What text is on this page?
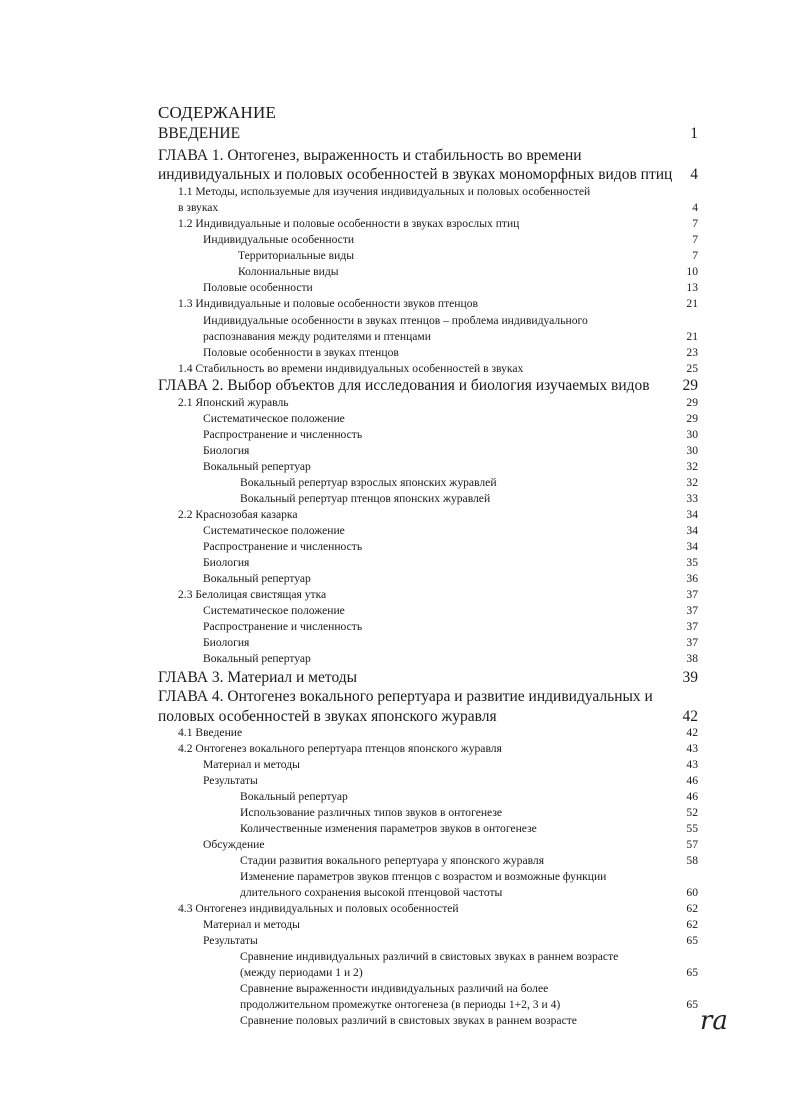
СОДЕРЖАНИЕ
ВВЕДЕНИЕ	1
ГЛАВА 1. Онтогенез, выраженность и стабильность во времени
индивидуальных и половых особенностей в звуках мономорфных видов птиц 4
1.1 Методы, используемые для изучения индивидуальных и половых особенностей
в звуках	4
1.2 Индивидуальные и половые особенности в звуках взрослых птиц	7
Индивидуальные особенности	7
Территориальные виды	7
Колониальные виды	10
Половые особенности	13
1.3 Индивидуальные и половые особенности звуков птенцов	21
Индивидуальные особенности в звуках птенцов – проблема индивидуального
распознавания между родителями и птенцами	21
Половые особенности в звуках птенцов	23
1.4 Стабильность во времени индивидуальных особенностей в звуках	25
ГЛАВА 2. Выбор объектов для исследования и биология изучаемых видов 29
2.1 Японский журавль	29
Систематическое положение	29
Распространение и численность	30
Биология	30
Вокальный репертуар	32
Вокальный репертуар взрослых японских журавлей	32
Вокальный репертуар птенцов японских журавлей	33
2.2 Краснозобая казарка	34
Систематическое положение	34
Распространение и численность	34
Биология	35
Вокальный репертуар	36
2.3 Белолицая свистящая утка	37
Систематическое положение	37
Распространение и численность	37
Биология	37
Вокальный репертуар	38
ГЛАВА 3. Материал и методы	39
ГЛАВА 4. Онтогенез вокального репертуара и развитие индивидуальных и
половых особенностей в звуках японского журавля	42
4.1 Введение	42
4.2 Онтогенез вокального репертуара птенцов японского журавля	43
Материал и методы	43
Результаты	46
Вокальный репертуар	46
Использование различных типов звуков в онтогенезе	52
Количественные изменения параметров звуков в онтогенезе	55
Обсуждение	57
Стадии развития вокального репертуара у японского журавля	58
Изменение параметров звуков птенцов с возрастом и возможные функции
длительного сохранения высокой птенцовой частоты	60
4.3 Онтогенез индивидуальных и половых особенностей	62
Материал и методы	62
Результаты	65
Сравнение индивидуальных различий в свистовых звуках в раннем возрасте
(между периодами 1 и 2)	65
Сравнение выраженности индивидуальных различий на более
продолжительном промежутке онтогенеза (в периоды 1+2, 3 и 4)	65
Сравнение половых различий в свистовых звуках в раннем возрасте	ra
